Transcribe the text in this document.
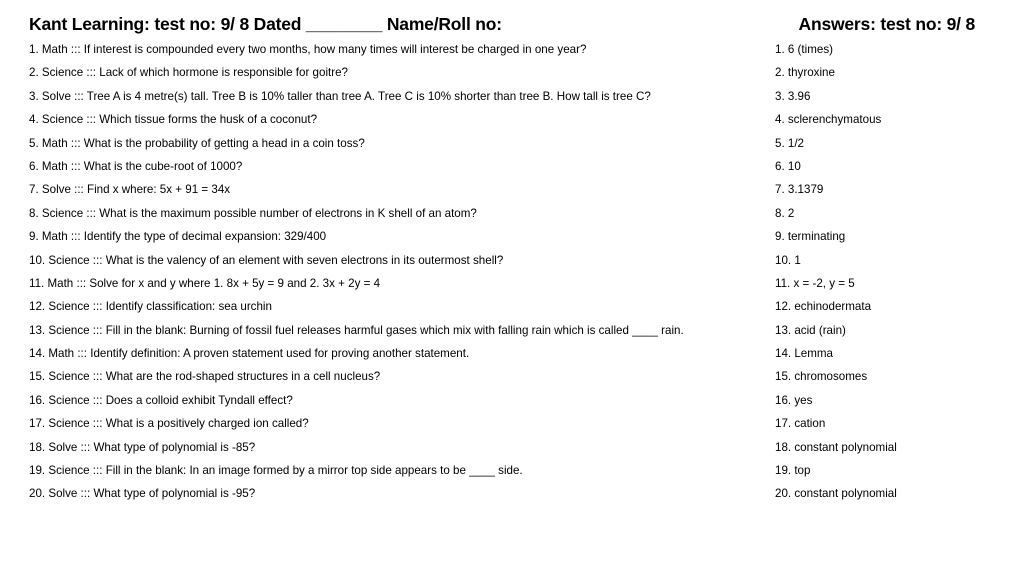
Kant Learning: test no: 9/ 8 Dated ________ Name/Roll no:	Answers: test no: 9/ 8
1. Math ::: If interest is compounded every two months, how many times will interest be charged in one year?
2. Science ::: Lack of which hormone is responsible for goitre?
3. Solve ::: Tree A is 4 metre(s) tall. Tree B is 10% taller than tree A. Tree C is 10% shorter than tree B. How tall is tree C?
4. Science ::: Which tissue forms the husk of a coconut?
5. Math ::: What is the probability of getting a head in a coin toss?
6. Math ::: What is the cube-root of 1000?
7. Solve ::: Find x where: 5x + 91 = 34x
8. Science ::: What is the maximum possible number of electrons in K shell of an atom?
9. Math ::: Identify the type of decimal expansion: 329/400
10. Science ::: What is the valency of an element with seven electrons in its outermost shell?
11. Math ::: Solve for x and y where 1. 8x + 5y = 9 and 2. 3x + 2y = 4
12. Science ::: Identify classification: sea urchin
13. Science ::: Fill in the blank: Burning of fossil fuel releases harmful gases which mix with falling rain which is called ____ rain.
14. Math ::: Identify definition: A proven statement used for proving another statement.
15. Science ::: What are the rod-shaped structures in a cell nucleus?
16. Science ::: Does a colloid exhibit Tyndall effect?
17. Science ::: What is a positively charged ion called?
18. Solve ::: What type of polynomial is -85?
19. Science ::: Fill in the blank: In an image formed by a mirror top side appears to be ____ side.
20. Solve ::: What type of polynomial is -95?
1. 6 (times)
2. thyroxine
3. 3.96
4. sclerenchymatous
5. 1/2
6. 10
7. 3.1379
8. 2
9. terminating
10. 1
11. x = -2, y = 5
12. echinodermata
13. acid (rain)
14. Lemma
15. chromosomes
16. yes
17. cation
18. constant polynomial
19. top
20. constant polynomial
